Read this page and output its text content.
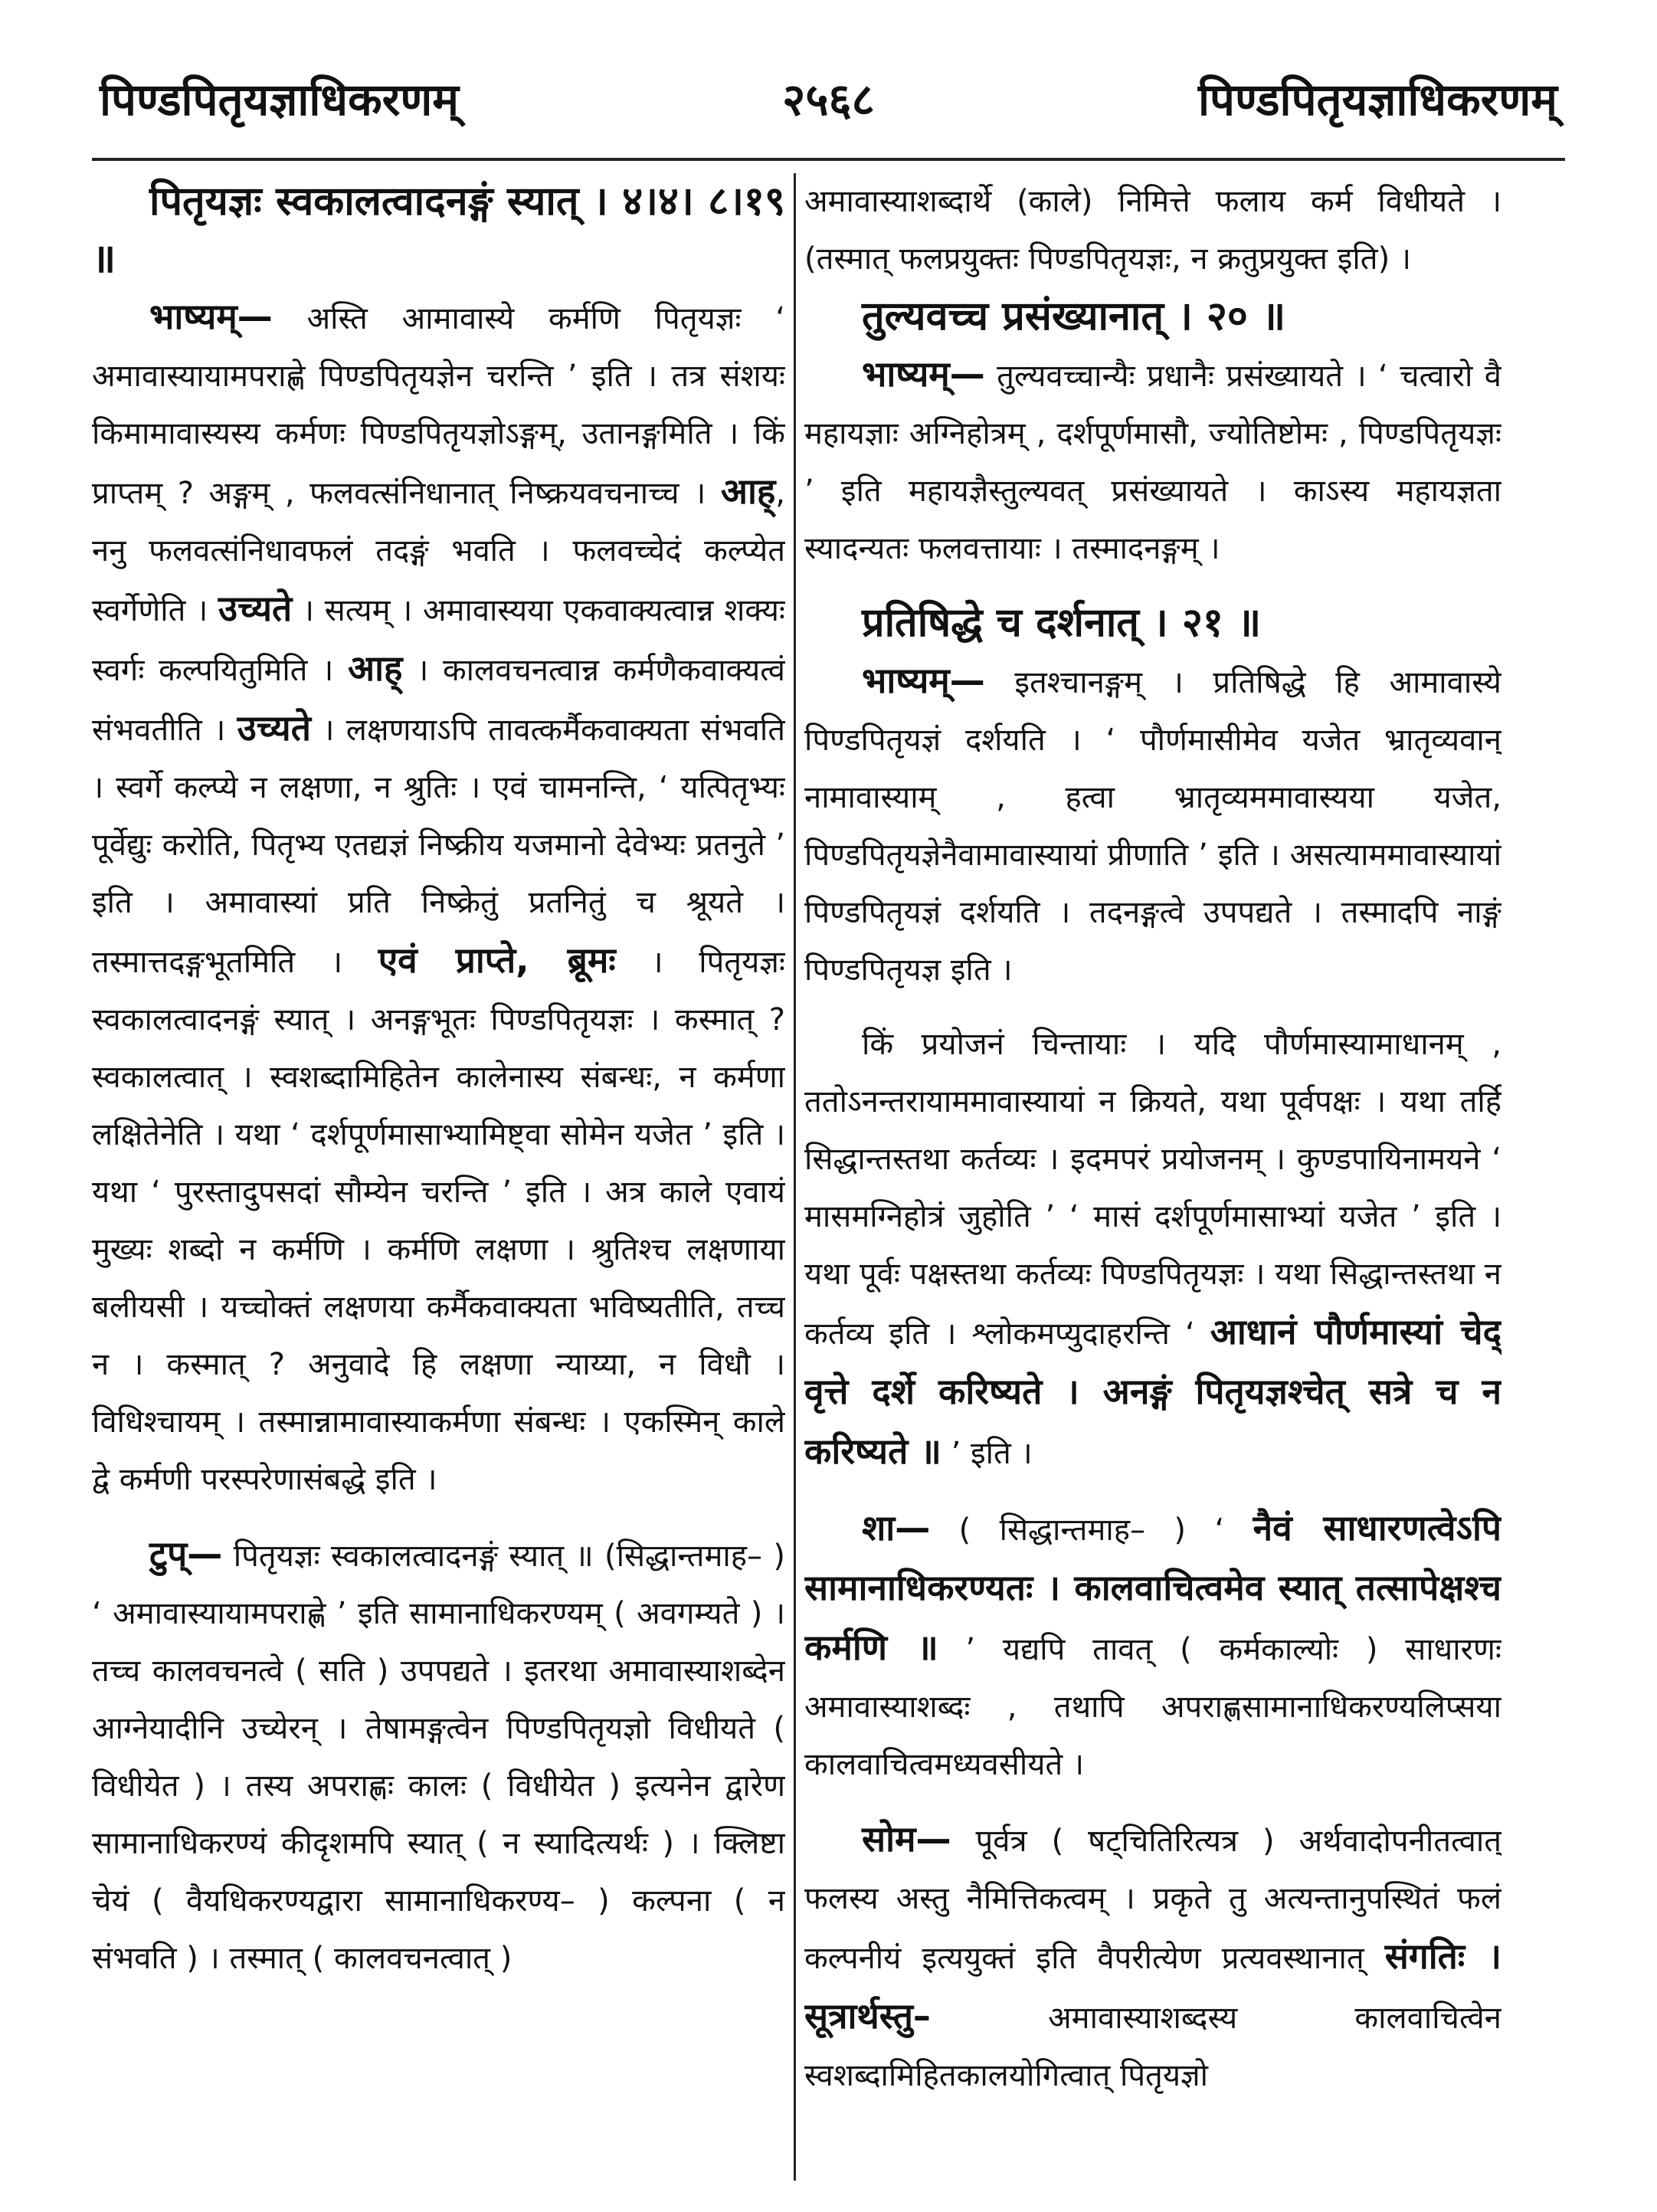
पिण्डपितृयज्ञाधिकरणम्	२५६८	पिण्डपितृयज्ञाधिकरणम्

पितृयज्ञः स्वकालत्वादनङ्गं स्यात् । ४।४। ८।१९ ॥

भाष्यम्— अस्ति आमावास्ये कर्मणि पितृयज्ञः ‘ अमावास्यायामपराह्णे पिण्डपितृयज्ञेन चरन्ति ’ इति । तत्र संशयः किमामावास्यस्य कर्मणः पिण्डपितृयज्ञोऽङ्गम्, उतानङ्गमिति । किं प्राप्तम् ? अङ्गम् , फलवत्संनिधानात् निष्क्रयवचनाच्च । आह्, ननु फलवत्संनिधावफलं तदङ्गं भवति । फलवच्चेदं कल्प्येत स्वर्गेणेति । उच्यते । सत्यम् । अमावास्यया एकवाक्यत्वान्न शक्यः स्वर्गः कल्पयितुमिति । आह् । कालवचनत्वान्न कर्मणैकवाक्यत्वं संभवतीति । उच्यते । लक्षणयाऽपि तावत्कर्मैकवाक्यता संभवति । स्वर्गे कल्प्ये न लक्षणा, न श्रुतिः । एवं चामनन्ति, ‘ यत्पितृभ्यः पूर्वेद्युः करोति, पितृभ्य एतद्यज्ञं निष्क्रीय यजमानो देवेभ्यः प्रतनुते ’ इति । अमावास्यां प्रति निष्क्रेतुं प्रतनितुं च श्रूयते । तस्मात्तदङ्गभूतमिति । एवं प्राप्ते, ब्रूमः । पितृयज्ञः स्वकालत्वादनङ्गं स्यात् । अनङ्गभूतः पिण्डपितृयज्ञः । कस्मात् ? स्वकालत्वात् । स्वशब्दामिहितेन कालेनास्य संबन्धः, न कर्मणा लक्षितेनेति । यथा ‘ दर्शपूर्णमासाभ्यामिष्ट्वा सोमेन यजेत ’ इति । यथा ‘ पुरस्तादुपसदां सौम्येन चरन्ति ’ इति । अत्र काले एवायं मुख्यः शब्दो न कर्मणि । कर्मणि लक्षणा । श्रुतिश्च लक्षणाया बलीयसी । यच्चोक्तं लक्षणया कर्मैकवाक्यता भविष्यतीति, तच्च न । कस्मात् ? अनुवादे हि लक्षणा न्याय्या, न विधौ । विधिश्चायम् । तस्मान्नामावास्याकर्मणा संबन्धः । एकस्मिन् काले द्वे कर्मणी परस्परेणासंबद्धे इति ।

टुप्— पितृयज्ञः स्वकालत्वादनङ्गं स्यात् ॥ (सिद्धान्तमाह– ) ‘ अमावास्यायामपराह्णे ’ इति सामानाधिकरण्यम् ( अवगम्यते ) । तच्च कालवचनत्वे ( सति ) उपपद्यते । इतरथा अमावास्याशब्देन आग्नेयादीनि उच्येरन् । तेषामङ्गत्वेन पिण्डपितृयज्ञो विधीयते ( विधीयेत ) । तस्य अपराह्णः कालः ( विधीयेत ) इत्यनेन द्वारेण सामानाधिकरण्यं कीदृशमपि स्यात् ( न स्यादित्यर्थः ) । क्लिष्टा चेयं ( वैयधिकरण्यद्वारा सामानाधिकरण्य– ) कल्पना ( न संभवति ) । तस्मात् ( कालवचनत्वात् )

अमावास्याशब्दार्थे (काले) निमित्ते फलाय कर्म विधीयते । (तस्मात् फलप्रयुक्तः पिण्डपितृयज्ञः, न क्रतुप्रयुक्त इति) ।

तुल्यवच्च प्रसंख्यानात् । २० ॥

भाष्यम्— तुल्यवच्चान्यैः प्रधानैः प्रसंख्यायते । ‘ चत्वारो वै महायज्ञाः अग्निहोत्रम् , दर्शपूर्णमासौ, ज्योतिष्टोमः , पिण्डपितृयज्ञः ’ इति महायज्ञैस्तुल्यवत् प्रसंख्यायते । काऽस्य महायज्ञता स्यादन्यतः फलवत्तायाः । तस्मादनङ्गम् ।

प्रतिषिद्धे च दर्शनात् । २१ ॥

भाष्यम्— इतश्चानङ्गम् । प्रतिषिद्धे हि आमावास्ये पिण्डपितृयज्ञं दर्शयति । ‘ पौर्णमासीमेव यजेत भ्रातृव्यवान् नामावास्याम् , हत्वा भ्रातृव्यममावास्यया यजेत, पिण्डपितृयज्ञेनैवामावास्यायां प्रीणाति ’ इति । असत्याममावास्यायां पिण्डपितृयज्ञं दर्शयति । तदनङ्गत्वे उपपद्यते । तस्मादपि नाङ्गं पिण्डपितृयज्ञ इति ।

किं प्रयोजनं चिन्तायाः । यदि पौर्णमास्यामाधानम् , ततोऽनन्तरायाममावास्यायां न क्रियते, यथा पूर्वपक्षः । यथा तर्हि सिद्धान्तस्तथा कर्तव्यः । इदमपरं प्रयोजनम् । कुण्डपायिनामयने ‘ मासमग्निहोत्रं जुहोति ’ ‘ मासं दर्शपूर्णमासाभ्यां यजेत ’ इति । यथा पूर्वः पक्षस्तथा कर्तव्यः पिण्डपितृयज्ञः । यथा सिद्धान्तस्तथा न कर्तव्य इति । श्लोकमप्युदाहरन्ति ‘ आधानं पौर्णमास्यां चेद् वृत्ते दर्शे करिष्यते । अनङ्गं पितृयज्ञश्चेत् सत्रे च न करिष्यते ॥ ’ इति ।

शा— ( सिद्धान्तमाह– ) ‘ नैवं साधारणत्वेऽपि सामानाधिकरण्यतः । कालवाचित्वमेव स्यात् तत्सापेक्षश्च कर्मणि ॥ ’ यद्यपि तावत् ( कर्मकाल्योः ) साधारणः अमावास्याशब्दः , तथापि अपराह्णसामानाधिकरण्यलिप्सया कालवाचित्वमध्यवसीयते ।

सोम— पूर्वत्र ( षट्चितिरित्यत्र ) अर्थवादोपनीतत्वात् फलस्य अस्तु नैमित्तिकत्वम् । प्रकृते तु अत्यन्तानुपस्थितं फलं कल्पनीयं इत्ययुक्तं इति वैपरीत्येण प्रत्यवस्थानात् संगतिः । सूत्रार्थस्तु– अमावास्याशब्दस्य कालवाचित्वेन स्वशब्दामिहितकालयोगित्वात् पितृयज्ञो
